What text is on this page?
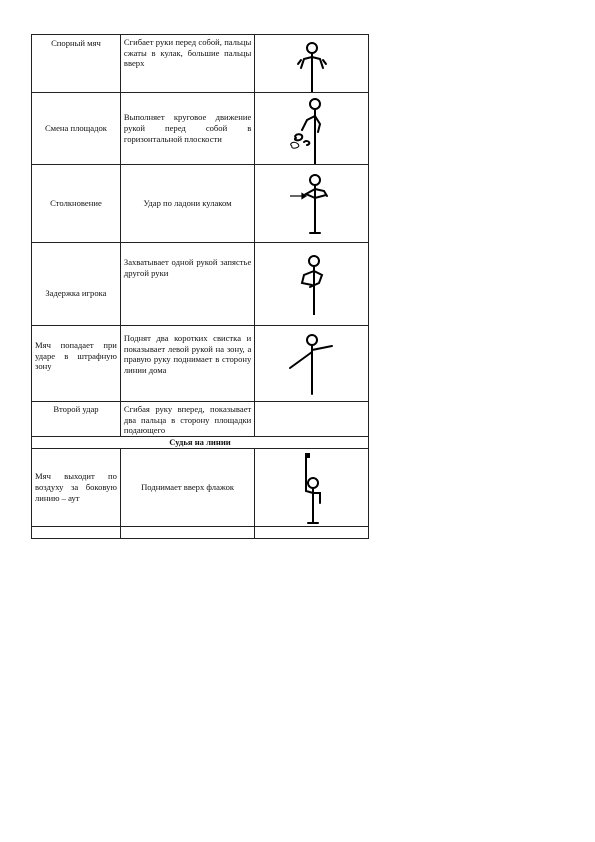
Спорный мяч	Сгибает руки перед собой, пальцы сжаты в кулак, большие пальцы вверх	

Смена площадок	Выполняет круговое движение рукой перед собой в горизонтальной плоскости	

Столкновение	Удар по ладони кулаком	

Задержка игрока	Захватывает одной рукой запястье другой руки	

Мяч попадает при ударе в штрафную зону	Поднят два коротких свистка и показывает левой рукой на зону, а правую руку поднимает в сторону линии дома	

Второй удар	Сгибая руку вперед, показывает два пальца в сторону площадки подающего	
Судья на линии		
Мяч выходит по воздуху за боковую линию – аут	Поднимает вверх флажок	
